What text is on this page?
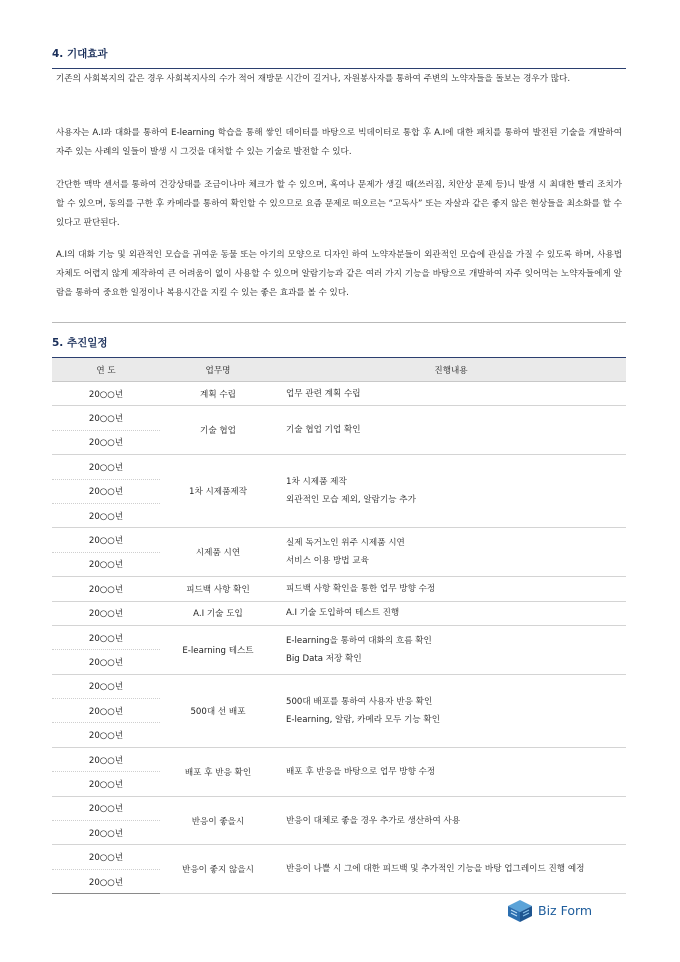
4. 기대효과
기존의 사회복지의 같은 경우 사회복지사의 수가 적어 재방문 시간이 길거나, 자원봉사자를 통하여 주변의 노약자들을 돌보는 경우가 많다.
사용자는 A.I과 대화를 통하여 E-learning 학습을 통해 쌓인 데이터를 바탕으로 빅데이터로 통합 후 A.I에 대한 패치를 통하여 발전된 기술을 개발하여 자주 있는 사례의 일들이 발생 시 그것을 대처할 수 있는 기술로 발전할 수 있다.
간단한 맥박 센서를 통하여 건강상태를 조금이나마 체크가 할 수 있으며, 혹여나 문제가 생길 때(쓰러짐, 치안상 문제 등)니 발생 시 최대한 빨리 조치가 할 수 있으며, 동의를 구한 후 카메라를 통하여 확인할 수 있으므로 요즘 문제로 떠오르는 “고독사” 또는 자살과 같은 좋지 않은 현상들을 최소화를 할 수 있다고 판단된다.
A.I의 대화 기능 및 외관적인 모습을 귀여운 동물 또는 아기의 모양으로 디자인 하여 노약자분들이 외관적인 모습에 관심을 가질 수 있도록 하며, 사용법 자체도 어렵지 않게 제작하여 큰 어려움이 없이 사용할 수 있으며 알람기능과 같은 여러 가지 기능을 바탕으로 개발하여 자주 잊어먹는 노약자들에게 알람을 통하여 중요한 일정이나 복용시간을 지킬 수 있는 좋은 효과를 볼 수 있다.
5. 추진일정
연 도	업무명	진행내용
20○○년	계획 수립	업무 관련 계획 수립

20○○년	기술 협업	기술 협업 기업 확인

20○○년		
20○○년	1차 시제품제작	1차 시제품 제작
외관적인 모습 제외, 알람기능 추가

20○○년		
20○○년		
20○○년	시제품 시연	실제 독거노인 위주 시제품 시연
서비스 이용 방법 교육

20○○년		
20○○년	피드백 사항 확인	피드백 사항 확인을 통한 업무 방향 수정

20○○년	A.I 기술 도입	A.I 기술 도입하여 테스트 진행

20○○년	E-learning 테스트	E-learning을 통하여 대화의 흐름 확인
Big Data 저장 확인

20○○년		
20○○년	500대 선 배포	500대 배포를 통하여 사용자 반응 확인
E-learning, 알람, 카메라 모두 기능 확인

20○○년		
20○○년		
20○○년	배포 후 반응 확인	배포 후 반응을 바탕으로 업무 방향 수정

20○○년		
20○○년	반응이 좋을시	반응이 대체로 좋을 경우 추가로 생산하여 사용

20○○년		
20○○년	반응이 좋지 않을시	반응이 나쁠 시 그에 대한 피드백 및 추가적인 기능을 바탕 업그레이드 진행 예정

20○○년		
Biz Form
